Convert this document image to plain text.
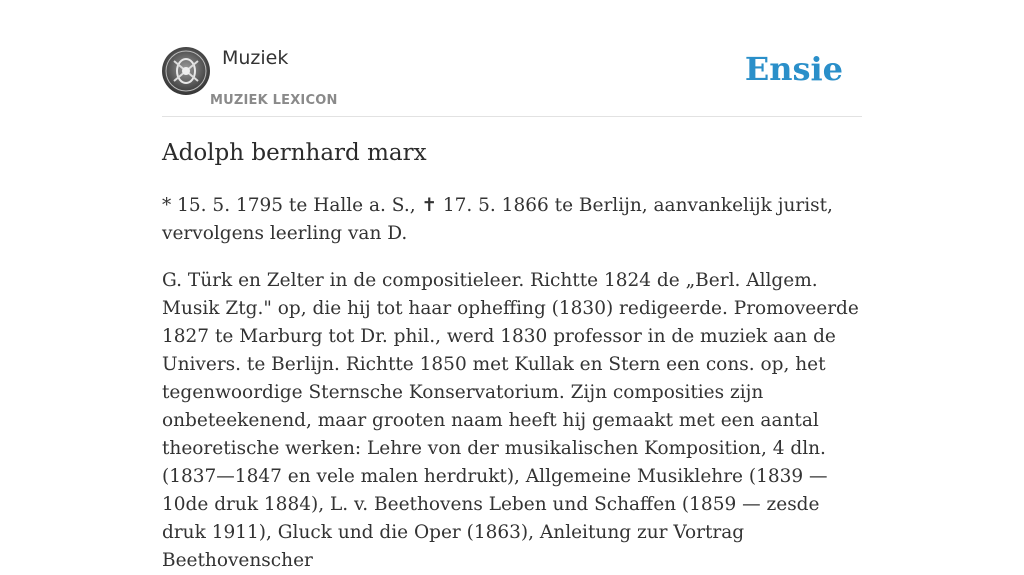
Muziek
MUZIEK LEXICON
Ensie
Adolph bernhard marx

* 15. 5. 1795 te Halle a. S., ✝ 17. 5. 1866 te Berlijn, aanvankelijk jurist, vervolgens leerling van D.

G. Türk en Zelter in de compositieleer. Richtte 1824 de „Berl. Allgem. Musik Ztg." op, die hij tot haar opheffing (1830) redigeerde. Promoveerde 1827 te Marburg tot Dr. phil., werd 1830 professor in de muziek aan de Univers. te Berlijn. Richtte 1850 met Kullak en Stern een cons. op, het tegenwoordige Sternsche Konservatorium. Zijn composities zijn onbeteekenend, maar grooten naam heeft hij gemaakt met een aantal theoretische werken: Lehre von der musikalischen Komposition, 4 dln. (1837—1847 en vele malen herdrukt), Allgemeine Musiklehre (1839 — 10de druk 1884), L. v. Beethovens Leben und Schaffen (1859 — zesde druk 1911), Gluck und die Oper (1863), Anleitung zur Vortrag Beethovenscher
